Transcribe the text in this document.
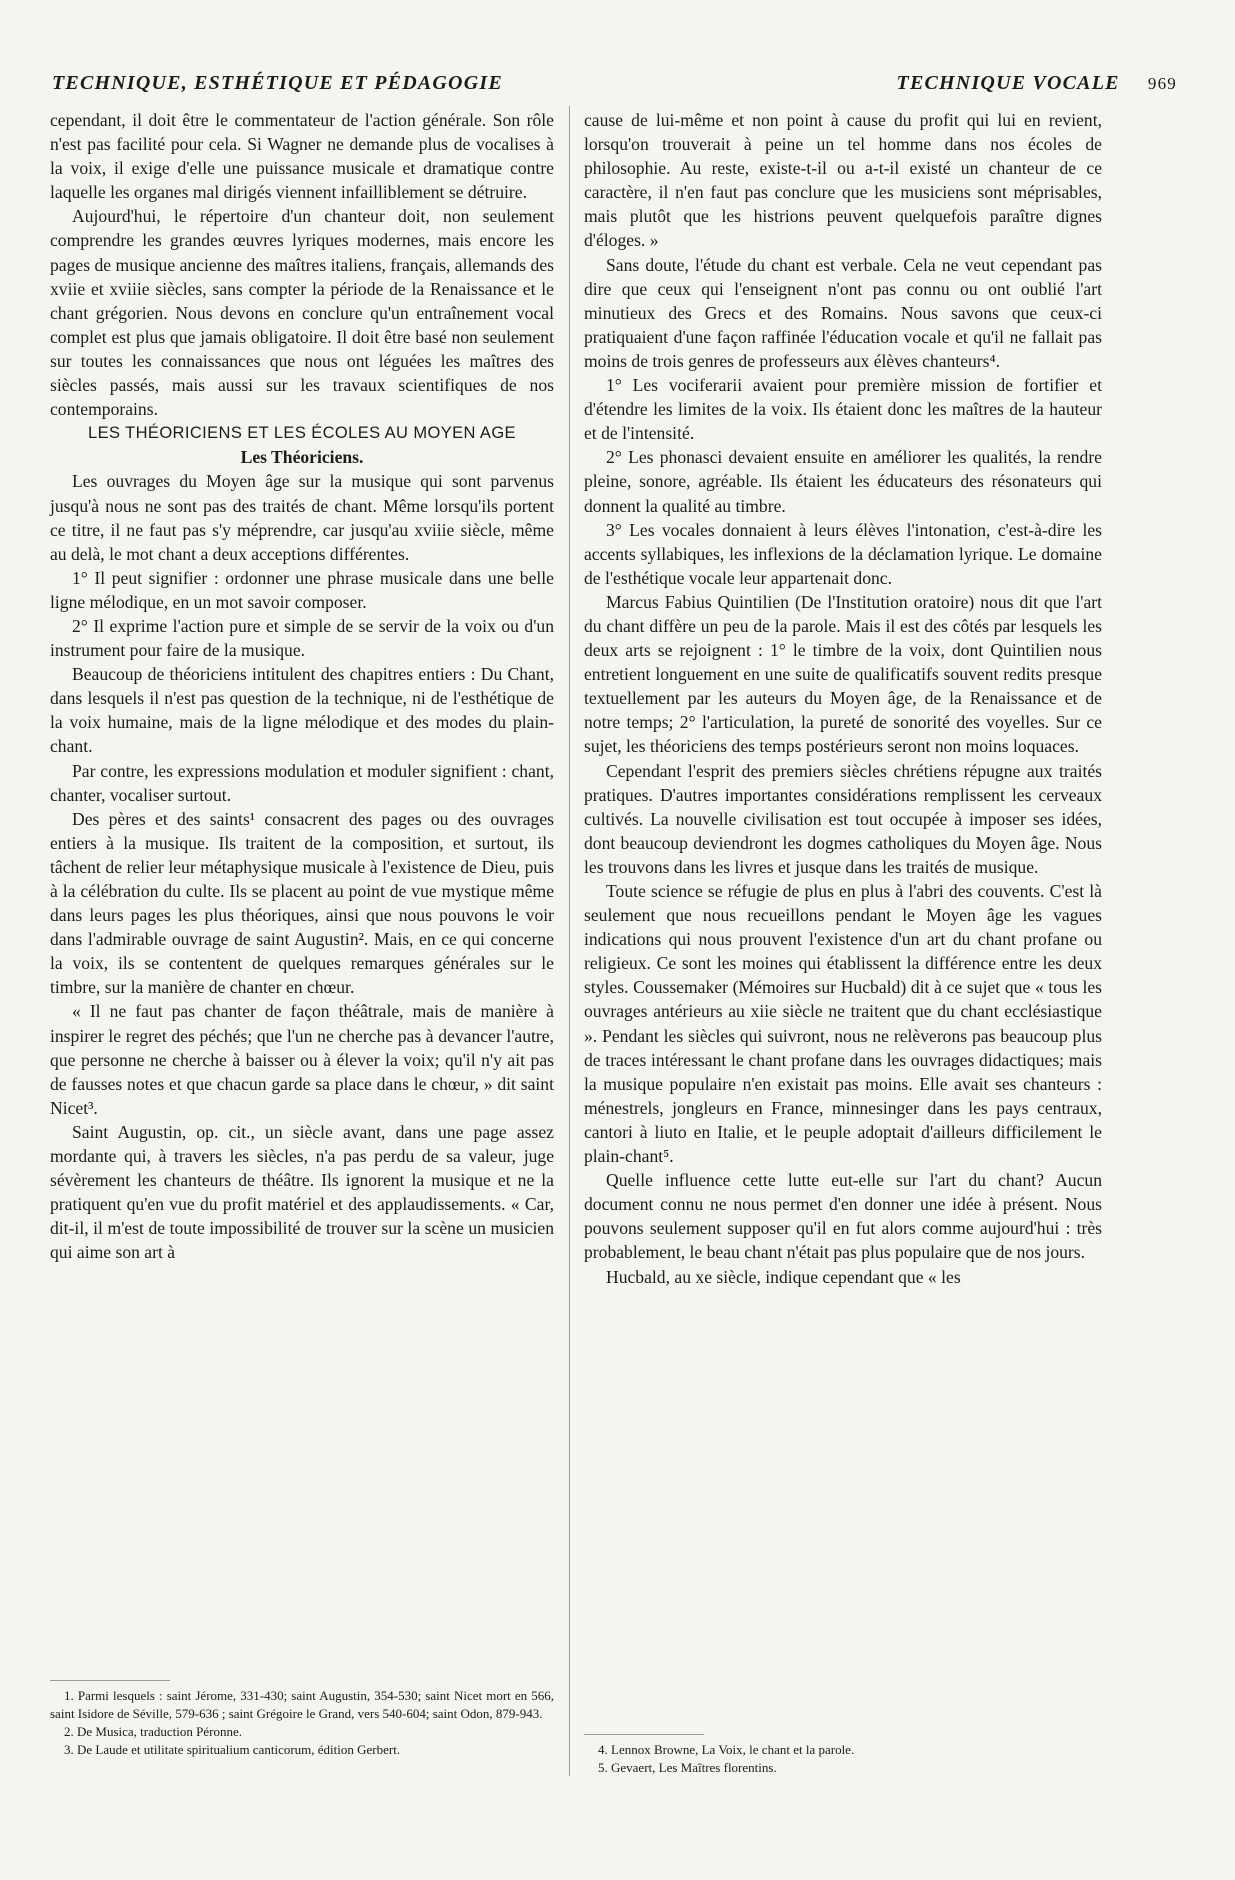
TECHNIQUE, ESTHÉTIQUE ET PÉDAGOGIE	TECHNIQUE VOCALE 969

cependant, il doit être le commentateur de l'action générale. Son rôle n'est pas facilité pour cela. Si Wagner ne demande plus de vocalises à la voix, il exige d'elle une puissance musicale et dramatique contre laquelle les organes mal dirigés viennent infailliblement se détruire.

Aujourd'hui, le répertoire d'un chanteur doit, non seulement comprendre les grandes œuvres lyriques modernes, mais encore les pages de musique ancienne des maîtres italiens, français, allemands des xviie et xviiie siècles, sans compter la période de la Renaissance et le chant grégorien. Nous devons en conclure qu'un entraînement vocal complet est plus que jamais obligatoire. Il doit être basé non seulement sur toutes les connaissances que nous ont léguées les maîtres des siècles passés, mais aussi sur les travaux scientifiques de nos contemporains.

LES THÉORICIENS ET LES ÉCOLES AU MOYEN AGE

Les Théoriciens.

Les ouvrages du Moyen âge sur la musique qui sont parvenus jusqu'à nous ne sont pas des traités de chant. Même lorsqu'ils portent ce titre, il ne faut pas s'y méprendre, car jusqu'au xviiie siècle, même au delà, le mot chant a deux acceptions différentes.

1° Il peut signifier : ordonner une phrase musicale dans une belle ligne mélodique, en un mot savoir composer.

2° Il exprime l'action pure et simple de se servir de la voix ou d'un instrument pour faire de la musique.

Beaucoup de théoriciens intitulent des chapitres entiers : Du Chant, dans lesquels il n'est pas question de la technique, ni de l'esthétique de la voix humaine, mais de la ligne mélodique et des modes du plain-chant.

Par contre, les expressions modulation et moduler signifient : chant, chanter, vocaliser surtout.

Des pères et des saints¹ consacrent des pages ou des ouvrages entiers à la musique. Ils traitent de la composition, et surtout, ils tâchent de relier leur métaphysique musicale à l'existence de Dieu, puis à la célébration du culte. Ils se placent au point de vue mystique même dans leurs pages les plus théoriques, ainsi que nous pouvons le voir dans l'admirable ouvrage de saint Augustin². Mais, en ce qui concerne la voix, ils se contentent de quelques remarques générales sur le timbre, sur la manière de chanter en chœur.

« Il ne faut pas chanter de façon théâtrale, mais de manière à inspirer le regret des péchés; que l'un ne cherche pas à devancer l'autre, que personne ne cherche à baisser ou à élever la voix; qu'il n'y ait pas de fausses notes et que chacun garde sa place dans le chœur, » dit saint Nicet³.

Saint Augustin, op. cit., un siècle avant, dans une page assez mordante qui, à travers les siècles, n'a pas perdu de sa valeur, juge sévèrement les chanteurs de théâtre. Ils ignorent la musique et ne la pratiquent qu'en vue du profit matériel et des applaudissements. « Car, dit-il, il m'est de toute impossibilité de trouver sur la scène un musicien qui aime son art à

cause de lui-même et non point à cause du profit qui lui en revient, lorsqu'on trouverait à peine un tel homme dans nos écoles de philosophie. Au reste, existe-t-il ou a-t-il existé un chanteur de ce caractère, il n'en faut pas conclure que les musiciens sont méprisables, mais plutôt que les histrions peuvent quelquefois paraître dignes d'éloges. »

Sans doute, l'étude du chant est verbale. Cela ne veut cependant pas dire que ceux qui l'enseignent n'ont pas connu ou ont oublié l'art minutieux des Grecs et des Romains. Nous savons que ceux-ci pratiquaient d'une façon raffinée l'éducation vocale et qu'il ne fallait pas moins de trois genres de professeurs aux élèves chanteurs⁴.

1° Les vociferarii avaient pour première mission de fortifier et d'étendre les limites de la voix. Ils étaient donc les maîtres de la hauteur et de l'intensité.

2° Les phonasci devaient ensuite en améliorer les qualités, la rendre pleine, sonore, agréable. Ils étaient les éducateurs des résonateurs qui donnent la qualité au timbre.

3° Les vocales donnaient à leurs élèves l'intonation, c'est-à-dire les accents syllabiques, les inflexions de la déclamation lyrique. Le domaine de l'esthétique vocale leur appartenait donc.

Marcus Fabius Quintilien (De l'Institution oratoire) nous dit que l'art du chant diffère un peu de la parole. Mais il est des côtés par lesquels les deux arts se rejoignent : 1° le timbre de la voix, dont Quintilien nous entretient longuement en une suite de qualificatifs souvent redits presque textuellement par les auteurs du Moyen âge, de la Renaissance et de notre temps; 2° l'articulation, la pureté de sonorité des voyelles. Sur ce sujet, les théoriciens des temps postérieurs seront non moins loquaces.

Cependant l'esprit des premiers siècles chrétiens répugne aux traités pratiques. D'autres importantes considérations remplissent les cerveaux cultivés. La nouvelle civilisation est tout occupée à imposer ses idées, dont beaucoup deviendront les dogmes catholiques du Moyen âge. Nous les trouvons dans les livres et jusque dans les traités de musique.

Toute science se réfugie de plus en plus à l'abri des couvents. C'est là seulement que nous recueillons pendant le Moyen âge les vagues indications qui nous prouvent l'existence d'un art du chant profane ou religieux. Ce sont les moines qui établissent la différence entre les deux styles. Coussemaker (Mémoires sur Hucbald) dit à ce sujet que « tous les ouvrages antérieurs au xiie siècle ne traitent que du chant ecclésiastique ». Pendant les siècles qui suivront, nous ne relèverons pas beaucoup plus de traces intéressant le chant profane dans les ouvrages didactiques; mais la musique populaire n'en existait pas moins. Elle avait ses chanteurs : ménestrels, jongleurs en France, minnesinger dans les pays centraux, cantori à liuto en Italie, et le peuple adoptait d'ailleurs difficilement le plain-chant⁵.

Quelle influence cette lutte eut-elle sur l'art du chant? Aucun document connu ne nous permet d'en donner une idée à présent. Nous pouvons seulement supposer qu'il en fut alors comme aujourd'hui : très probablement, le beau chant n'était pas plus populaire que de nos jours.

Hucbald, au xe siècle, indique cependant que « les

1. Parmi lesquels : saint Jérome, 331-430; saint Augustin, 354-530; saint Nicet mort en 566, saint Isidore de Séville, 579-636 ; saint Grégoire le Grand, vers 540-604; saint Odon, 879-943.

2. De Musica, traduction Péronne.

3. De Laude et utilitate spiritualium canticorum, édition Gerbert.	4. Lennox Browne, La Voix, le chant et la parole.

5. Gevaert, Les Maîtres florentins.
